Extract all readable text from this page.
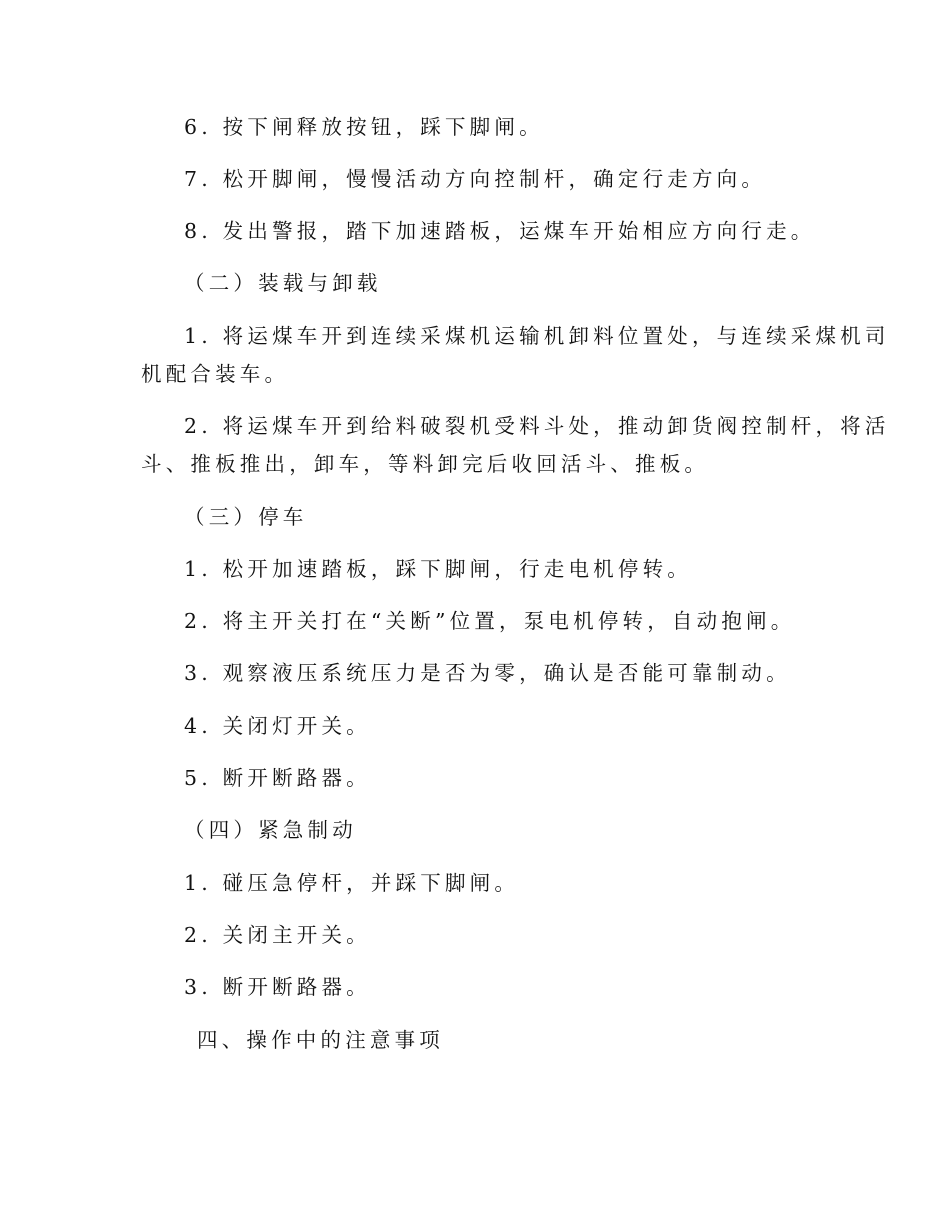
6. 按下闸释放按钮，踩下脚闸。
7. 松开脚闸，慢慢活动方向控制杆，确定行走方向。
8. 发出警报，踏下加速踏板，运煤车开始相应方向行走。
（二）装载与卸载
1. 将运煤车开到连续采煤机运输机卸料位置处，与连续采煤机司
机配合装车。
2. 将运煤车开到给料破裂机受料斗处，推动卸货阀控制杆，将活
斗、推板推出，卸车，等料卸完后收回活斗、推板。
（三）停车
1. 松开加速踏板，踩下脚闸，行走电机停转。
2. 将主开关打在“关断”位置，泵电机停转，自动抱闸。
3. 观察液压系统压力是否为零，确认是否能可靠制动。
4. 关闭灯开关。
5. 断开断路器。
（四）紧急制动
1. 碰压急停杆，并踩下脚闸。
2. 关闭主开关。
3. 断开断路器。
四、操作中的注意事项
